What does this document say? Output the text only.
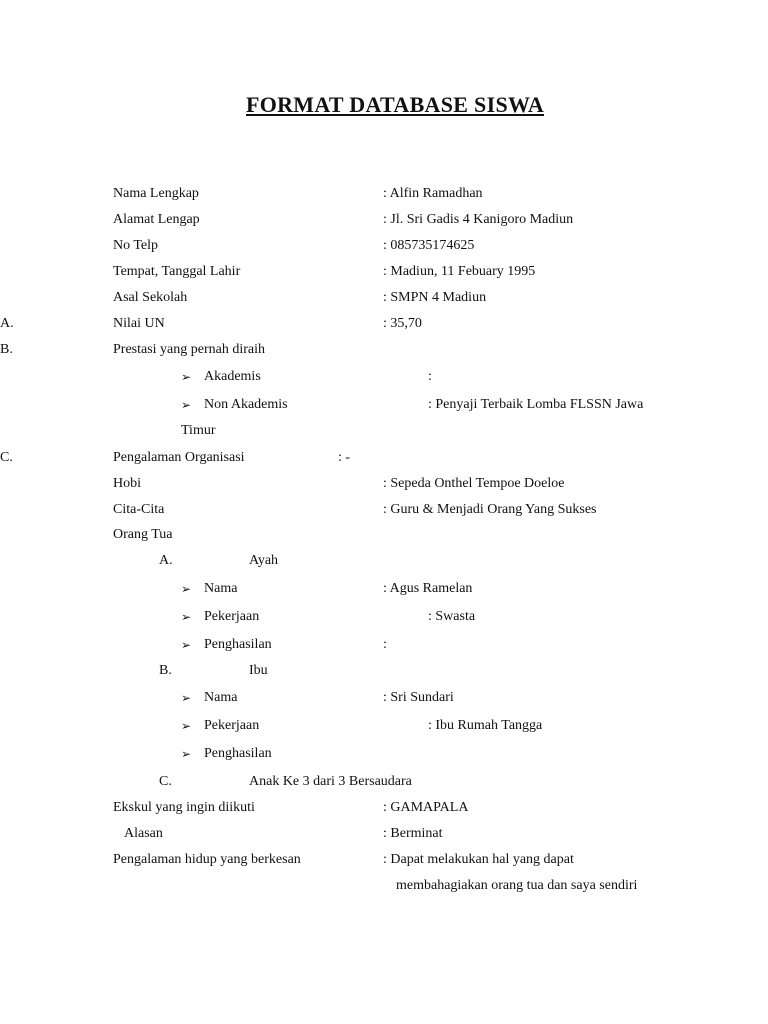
FORMAT DATABASE SISWA
Nama Lengkap	: Alfin Ramadhan
Alamat Lengap	: Jl. Sri Gadis 4 Kanigoro Madiun
No Telp	: 085735174625
Tempat, Tanggal Lahir	: Madiun, 11 Febuary 1995
Asal Sekolah	: SMPN 4 Madiun
A.	Nilai UN	: 35,70
B.	Prestasi yang pernah diraih
➢ Akademis	:
➢ Non Akademis	: Penyaji Terbaik Lomba FLSSN Jawa
Timur
C.	Pengalaman Organisasi	: -
Hobi	: Sepeda Onthel Tempoe Doeloe
Cita-Cita	: Guru & Menjadi Orang Yang Sukses
Orang Tua
A.	Ayah
➢ Nama	: Agus Ramelan
➢ Pekerjaan	: Swasta
➢ Penghasilan	:
B.	Ibu
➢ Nama	: Sri Sundari
➢ Pekerjaan	: Ibu Rumah Tangga
➢ Penghasilan
C.	Anak Ke 3 dari 3 Bersaudara
Ekskul yang ingin diikuti	: GAMAPALA
Alasan	: Berminat
Pengalaman hidup yang berkesan	: Dapat melakukan hal yang dapat
membahagiakan orang tua dan saya sendiri
